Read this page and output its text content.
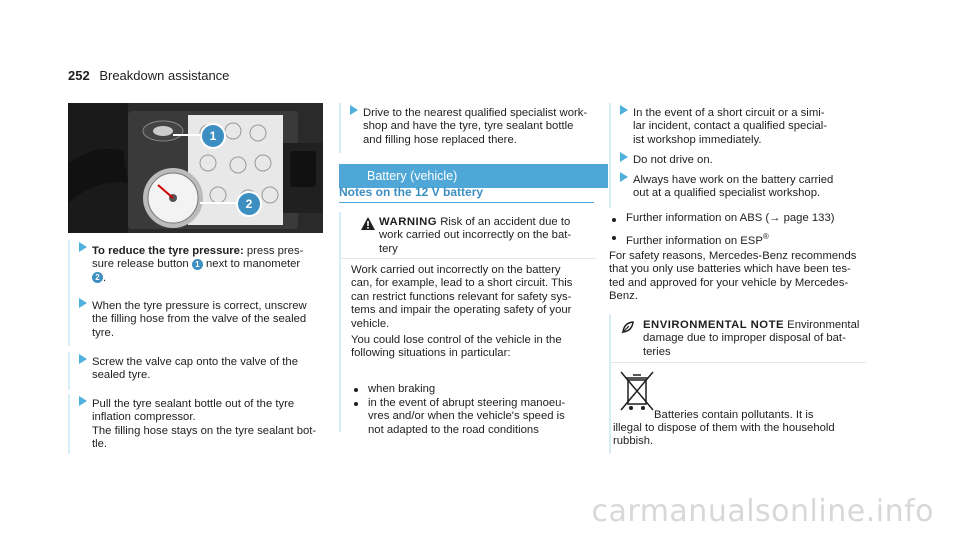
252 Breakdown assistance
1
2
To reduce the tyre pressure: press pres-
sure release button 1 next to manometer
2 .
When the tyre pressure is correct, unscrew
the filling hose from the valve of the sealed
tyre.
Screw the valve cap onto the valve of the
sealed tyre.
Pull the tyre sealant bottle out of the tyre
inflation compressor.
The filling hose stays on the tyre sealant bot-
tle.
Drive to the nearest qualified specialist work-
shop and have the tyre, tyre sealant bottle
and filling hose replaced there.
Battery (vehicle)
Notes on the 12 V battery
WARNING Risk of an accident due to
work carried out incorrectly on the bat-
tery
Work carried out incorrectly on the battery
can, for example, lead to a short circuit. This
can restrict functions relevant for safety sys-
tems and impair the operating safety of your
vehicle.
You could lose control of the vehicle in the
following situations in particular:
when braking
in the event of abrupt steering manoeu-
vres and/or when the vehicle's speed is
not adapted to the road conditions
In the event of a short circuit or a simi-
lar incident, contact a qualified special-
ist workshop immediately.
Do not drive on.
Always have work on the battery carried
out at a qualified specialist workshop.
Further information on ABS (→ page 133)
Further information on ESP®
For safety reasons, Mercedes-Benz recommends
that you only use batteries which have been tes-
ted and approved for your vehicle by Mercedes-
Benz.
ENVIRONMENTAL NOTE Environmental
damage due to improper disposal of bat-
teries
Batteries contain pollutants. It is
illegal to dispose of them with the household
rubbish.
carmanualsonline.info
